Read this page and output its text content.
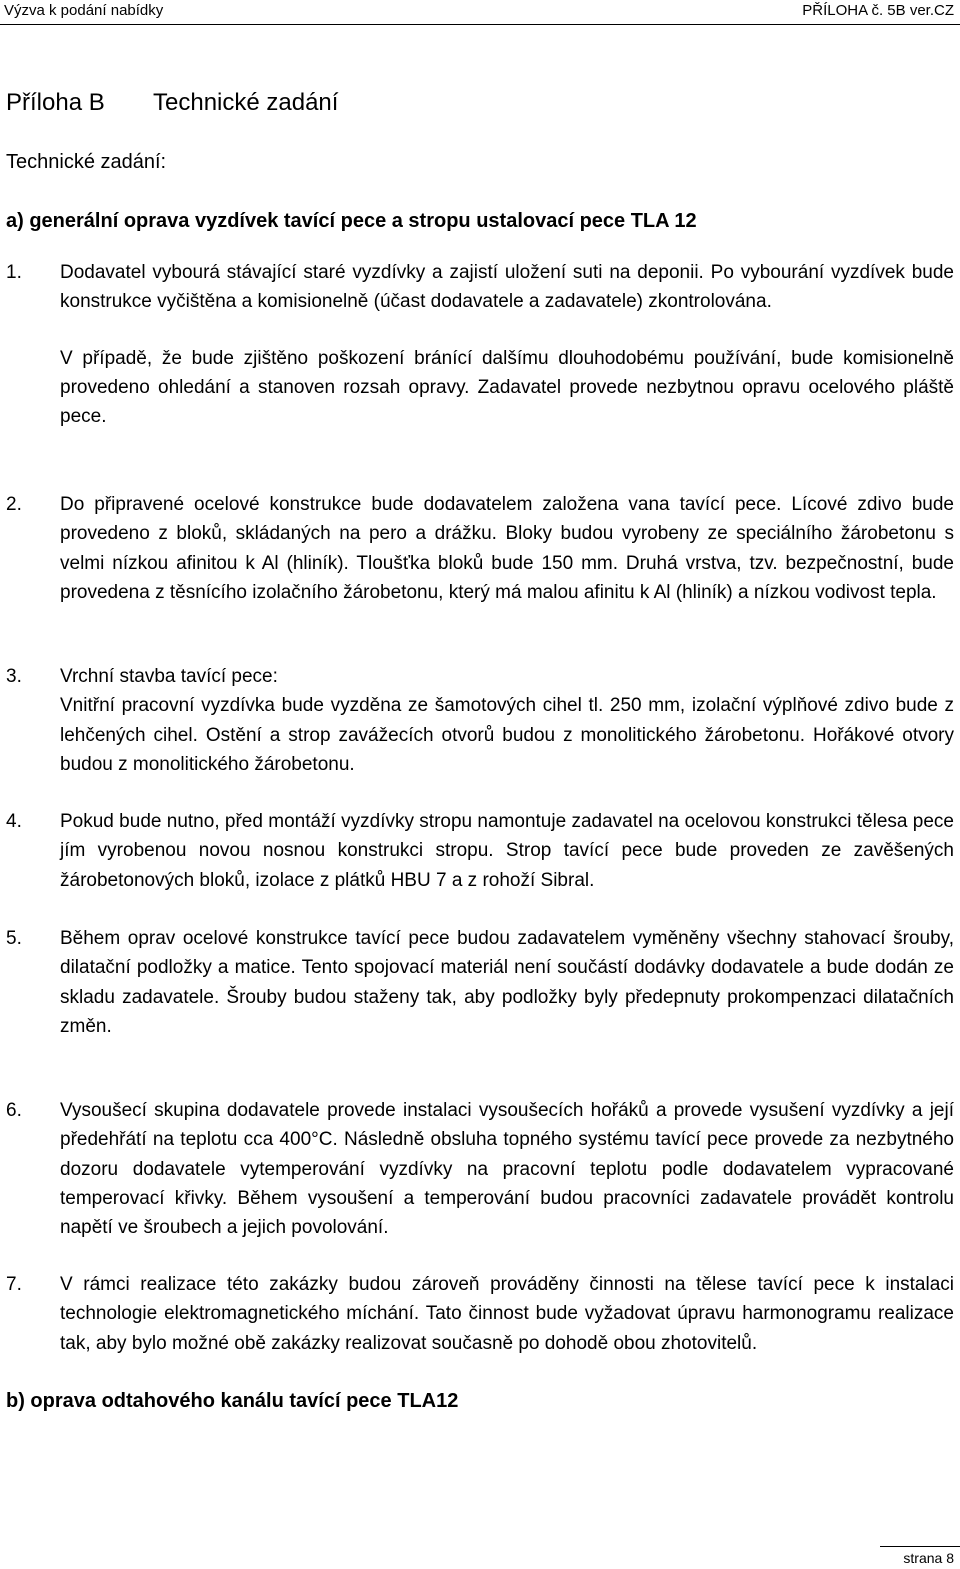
Výzva k podání nabídky	PŘÍLOHA č. 5B ver.CZ
Příloha B Technické zadání
Technické zadání:
a) generální oprava vyzdívek tavící pece a stropu ustalovací pece TLA 12
1. Dodavatel vybourá stávající staré vyzdívky a zajistí uložení suti na deponii. Po vybourání vyzdívek bude konstrukce vyčištěna a komisionelně (účast dodavatele a zadavatele) zkontrolována.

V případě, že bude zjištěno poškození bránící dalšímu dlouhodobému používání, bude komisionelně provedeno ohledání a stanoven rozsah opravy. Zadavatel provede nezbytnou opravu ocelového pláště pece.

2. Do připravené ocelové konstrukce bude dodavatelem založena vana tavící pece. Lícové zdivo bude provedeno z bloků, skládaných na pero a drážku. Bloky budou vyrobeny ze speciálního žárobetonu s velmi nízkou afinitou k Al (hliník). Tloušťka bloků bude 150 mm. Druhá vrstva, tzv. bezpečnostní, bude provedena z těsnícího izolačního žárobetonu, který má malou afinitu k Al (hliník) a nízkou vodivost tepla.

3. Vrchní stavba tavící pece:

Vnitřní pracovní vyzdívka bude vyzděna ze šamotových cihel tl. 250 mm, izolační výplňové zdivo bude z lehčených cihel. Ostění a strop zavážecích otvorů budou z monolitického žárobetonu. Hořákové otvory budou z monolitického žárobetonu.

4. Pokud bude nutno, před montáží vyzdívky stropu namontuje zadavatel na ocelovou konstrukci tělesa pece jím vyrobenou novou nosnou konstrukci stropu. Strop tavící pece bude proveden ze zavěšených žárobetonových bloků, izolace z plátků HBU 7 a z rohoží Sibral.

5. Během oprav ocelové konstrukce tavící pece budou zadavatelem vyměněny všechny stahovací šrouby, dilatační podložky a matice. Tento spojovací materiál není součástí dodávky dodavatele a bude dodán ze skladu zadavatele. Šrouby budou staženy tak, aby podložky byly předepnuty prokompenzaci dilatačních změn.

6. Vysoušecí skupina dodavatele provede instalaci vysoušecích hořáků a provede vysušení vyzdívky a její předehřátí na teplotu cca 400°C. Následně obsluha topného systému tavící pece provede za nezbytného dozoru dodavatele vytemperování vyzdívky na pracovní teplotu podle dodavatelem vypracované temperovací křivky. Během vysoušení a temperování budou pracovníci zadavatele provádět kontrolu napětí ve šroubech a jejich povolování.

7. V rámci realizace této zakázky budou zároveň prováděny činnosti na tělese tavící pece k instalaci technologie elektromagnetického míchání. Tato činnost bude vyžadovat úpravu harmonogramu realizace tak, aby bylo možné obě zakázky realizovat současně po dohodě obou zhotovitelů.

b) oprava odtahového kanálu tavící pece TLA12
strana 8
